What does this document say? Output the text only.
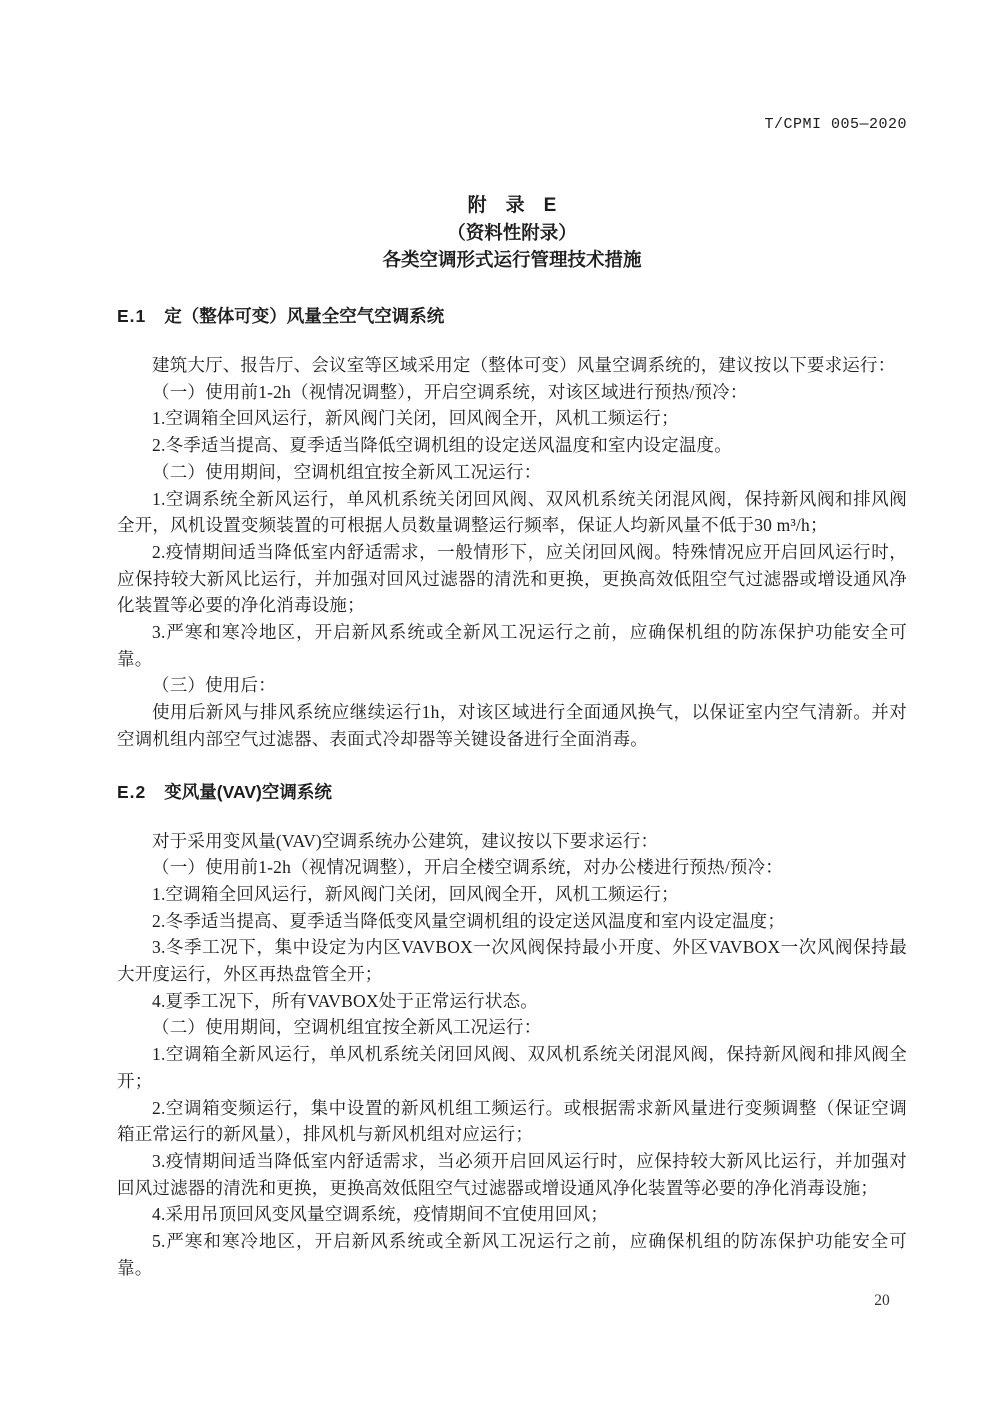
T/CPMI 005—2020
附　录　E
（资料性附录）
各类空调形式运行管理技术措施
E.1 定（整体可变）风量全空气空调系统

建筑大厅、报告厅、会议室等区域采用定（整体可变）风量空调系统的，建议按以下要求运行：

（一）使用前1-2h（视情况调整），开启空调系统，对该区域进行预热/预冷：

1.空调箱全回风运行，新风阀门关闭，回风阀全开，风机工频运行；

2.冬季适当提高、夏季适当降低空调机组的设定送风温度和室内设定温度。

（二）使用期间，空调机组宜按全新风工况运行：

1.空调系统全新风运行，单风机系统关闭回风阀、双风机系统关闭混风阀，保持新风阀和排风阀全开，风机设置变频装置的可根据人员数量调整运行频率，保证人均新风量不低于30 m³/h；

2.疫情期间适当降低室内舒适需求，一般情形下，应关闭回风阀。特殊情况应开启回风运行时，应保持较大新风比运行，并加强对回风过滤器的清洗和更换，更换高效低阻空气过滤器或增设通风净化装置等必要的净化消毒设施；

3.严寒和寒冷地区，开启新风系统或全新风工况运行之前，应确保机组的防冻保护功能安全可靠。

（三）使用后：

使用后新风与排风系统应继续运行1h，对该区域进行全面通风换气，以保证室内空气清新。并对空调机组内部空气过滤器、表面式冷却器等关键设备进行全面消毒。

E.2 变风量(VAV)空调系统

对于采用变风量(VAV)空调系统办公建筑，建议按以下要求运行：

（一）使用前1-2h（视情况调整），开启全楼空调系统，对办公楼进行预热/预冷：

1.空调箱全回风运行，新风阀门关闭，回风阀全开，风机工频运行；

2.冬季适当提高、夏季适当降低变风量空调机组的设定送风温度和室内设定温度；

3.冬季工况下，集中设定为内区VAVBOX一次风阀保持最小开度、外区VAVBOX一次风阀保持最大开度运行，外区再热盘管全开；

4.夏季工况下，所有VAVBOX处于正常运行状态。

（二）使用期间，空调机组宜按全新风工况运行：

1.空调箱全新风运行，单风机系统关闭回风阀、双风机系统关闭混风阀，保持新风阀和排风阀全开；

2.空调箱变频运行，集中设置的新风机组工频运行。或根据需求新风量进行变频调整（保证空调箱正常运行的新风量），排风机与新风机组对应运行；

3.疫情期间适当降低室内舒适需求，当必须开启回风运行时，应保持较大新风比运行，并加强对回风过滤器的清洗和更换，更换高效低阻空气过滤器或增设通风净化装置等必要的净化消毒设施；

4.采用吊顶回风变风量空调系统，疫情期间不宜使用回风；

5.严寒和寒冷地区，开启新风系统或全新风工况运行之前，应确保机组的防冻保护功能安全可靠。

20
